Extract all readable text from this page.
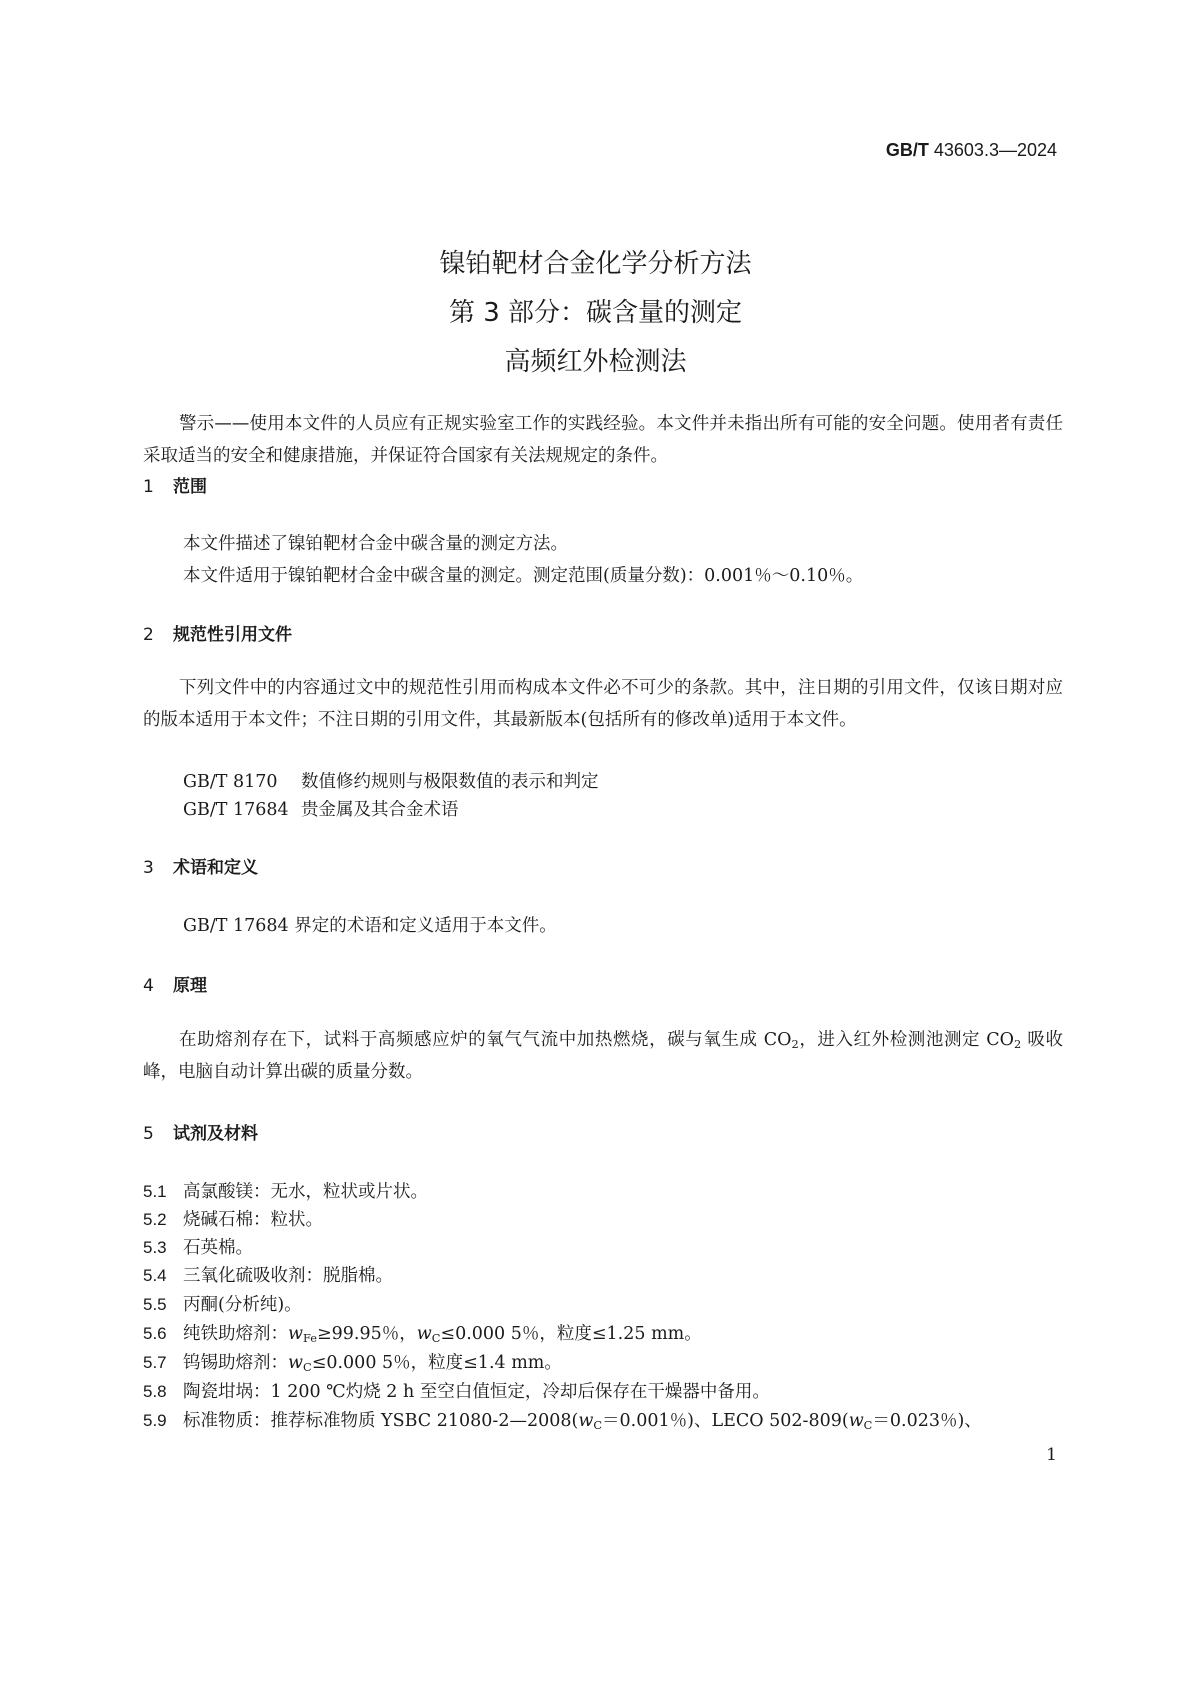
GB/T 43603.3—2024
镍铂靶材合金化学分析方法
第 3 部分：碳含量的测定
高频红外检测法
警示——使用本文件的人员应有正规实验室工作的实践经验。本文件并未指出所有可能的安全问题。使用者有责任采取适当的安全和健康措施，并保证符合国家有关法规规定的条件。
1 范围
本文件描述了镍铂靶材合金中碳含量的测定方法。
本文件适用于镍铂靶材合金中碳含量的测定。测定范围(质量分数)：0.001％～0.10％。
2 规范性引用文件
下列文件中的内容通过文中的规范性引用而构成本文件必不可少的条款。其中，注日期的引用文件，仅该日期对应的版本适用于本文件；不注日期的引用文件，其最新版本(包括所有的修改单)适用于本文件。
GB/T 8170 数值修约规则与极限数值的表示和判定
GB/T 17684 贵金属及其合金术语
3 术语和定义
GB/T 17684 界定的术语和定义适用于本文件。
4 原理
在助熔剂存在下，试料于高频感应炉的氧气气流中加热燃烧，碳与氧生成 $CO_2$，进入红外检测池测定 $CO_2$ 吸收峰，电脑自动计算出碳的质量分数。
5 试剂及材料
5.1 高氯酸镁：无水，粒状或片状。
5.2 烧碱石棉：粒状。
5.3 石英棉。
5.4 三氧化硫吸收剂：脱脂棉。
5.5 丙酮(分析纯)。
5.6 纯铁助熔剂：$w_{Fe}\ge 99.95$％，$w_C\le 0.000$ 5％，粒度≤1.25 mm。
5.7 钨锡助熔剂：$w_C\le 0.000$ 5％，粒度≤1.4 mm。
5.8 陶瓷坩埚：1 200 ℃灼烧 2 h 至空白值恒定，冷却后保存在干燥器中备用。
5.9 标准物质：推荐标准物质 YSBC $21080-2—2008(w_C=0.001$％)、LECO $502-809(w_C=0.023$％)、
1
